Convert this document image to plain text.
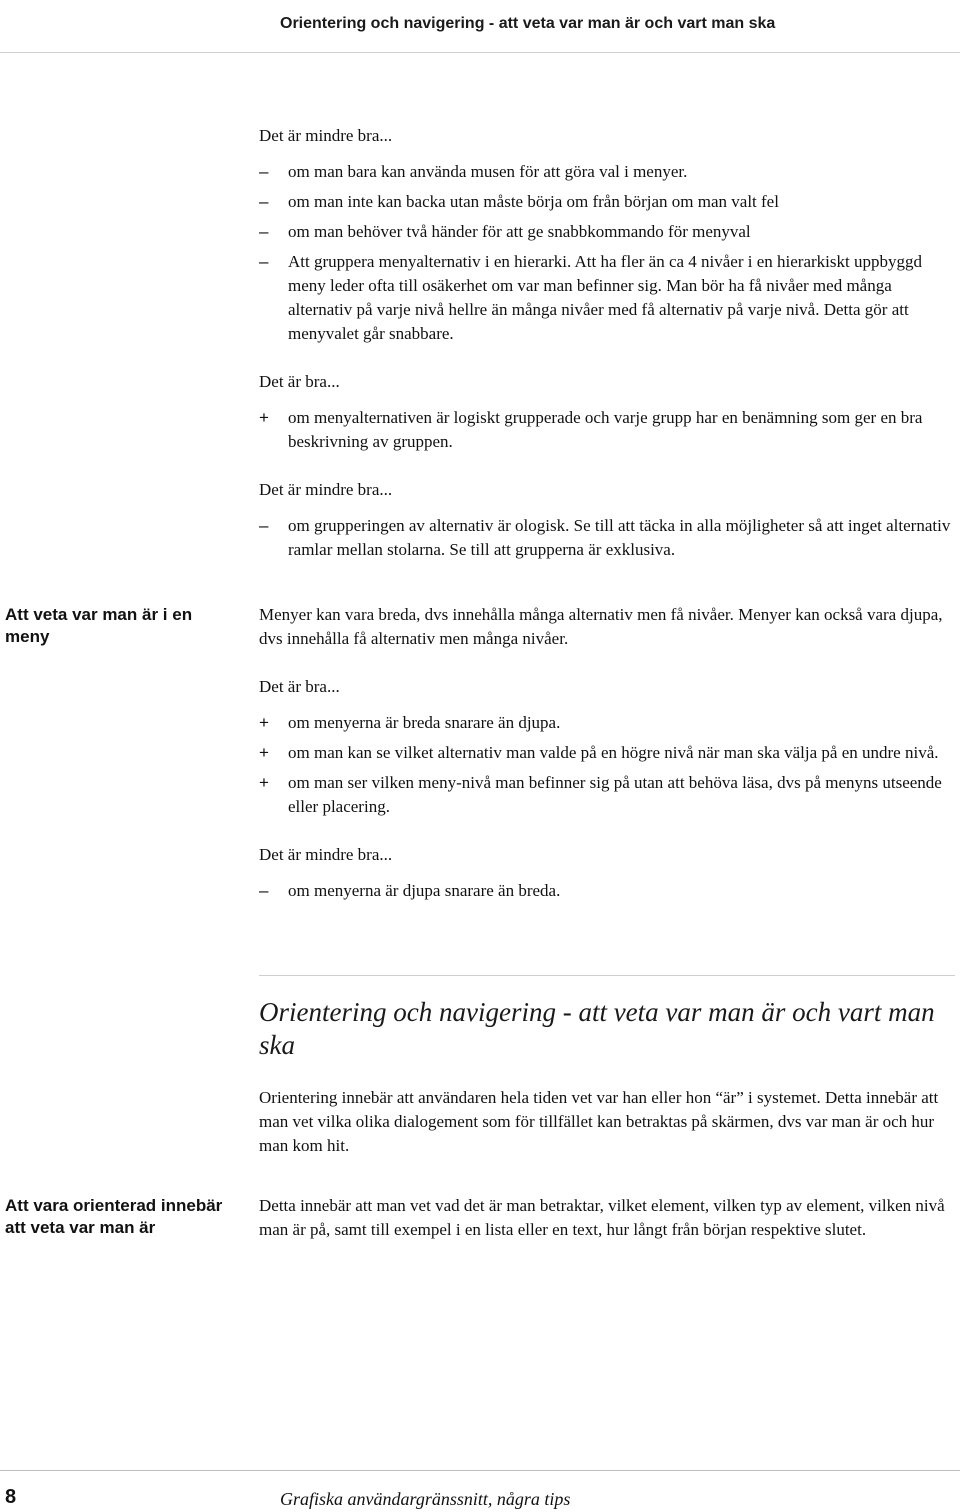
Orientering och navigering - att veta var man är och vart man ska
Det är mindre bra...
–	om man bara kan använda musen för att göra val i menyer.
–	om man inte kan backa utan måste börja om från början om man valt fel
–	om man behöver två händer för att ge snabbkommando för menyval
–	Att gruppera menyalternativ i en hierarki. Att ha fler än ca 4 nivåer i en hierarkiskt uppbyggd meny leder ofta till osäkerhet om var man befinner sig. Man bör ha få nivåer med många alternativ på varje nivå hellre än många nivåer med få alternativ på varje nivå. Detta gör att menyvalet går snabbare.
Det är bra...
+	om menyalternativen är logiskt grupperade och varje grupp har en benämning som ger en bra beskrivning av gruppen.
Det är mindre bra...
–	om grupperingen av alternativ är ologisk. Se till att täcka in alla möjligheter så att inget alternativ ramlar mellan stolarna. Se till att grupperna är exklusiva.
Att veta var man är i en meny

Menyer kan vara breda, dvs innehålla många alternativ men få nivåer. Menyer kan också vara djupa, dvs innehålla få alternativ men många nivåer.

Det är bra...
+	om menyerna är breda snarare än djupa.
+	om man kan se vilket alternativ man valde på en högre nivå när man ska välja på en undre nivå.
+	om man ser vilken meny-nivå man befinner sig på utan att behöva läsa, dvs på menyns utseende eller placering.
Det är mindre bra...
–	om menyerna är djupa snarare än breda.
Orientering och navigering - att veta var man är och vart man ska

Orientering innebär att användaren hela tiden vet var han eller hon “är” i systemet. Detta innebär att man vet vilka olika dialogement som för tillfället kan betraktas på skärmen, dvs var man är och hur man kom hit.

Att vara orienterad innebär att veta var man är

Detta innebär att man vet vad det är man betraktar, vilket element, vilken typ av element, vilken nivå man är på, samt till exempel i en lista eller en text, hur långt från början respektive slutet.

8	Grafiska användargränssnitt, några tips
